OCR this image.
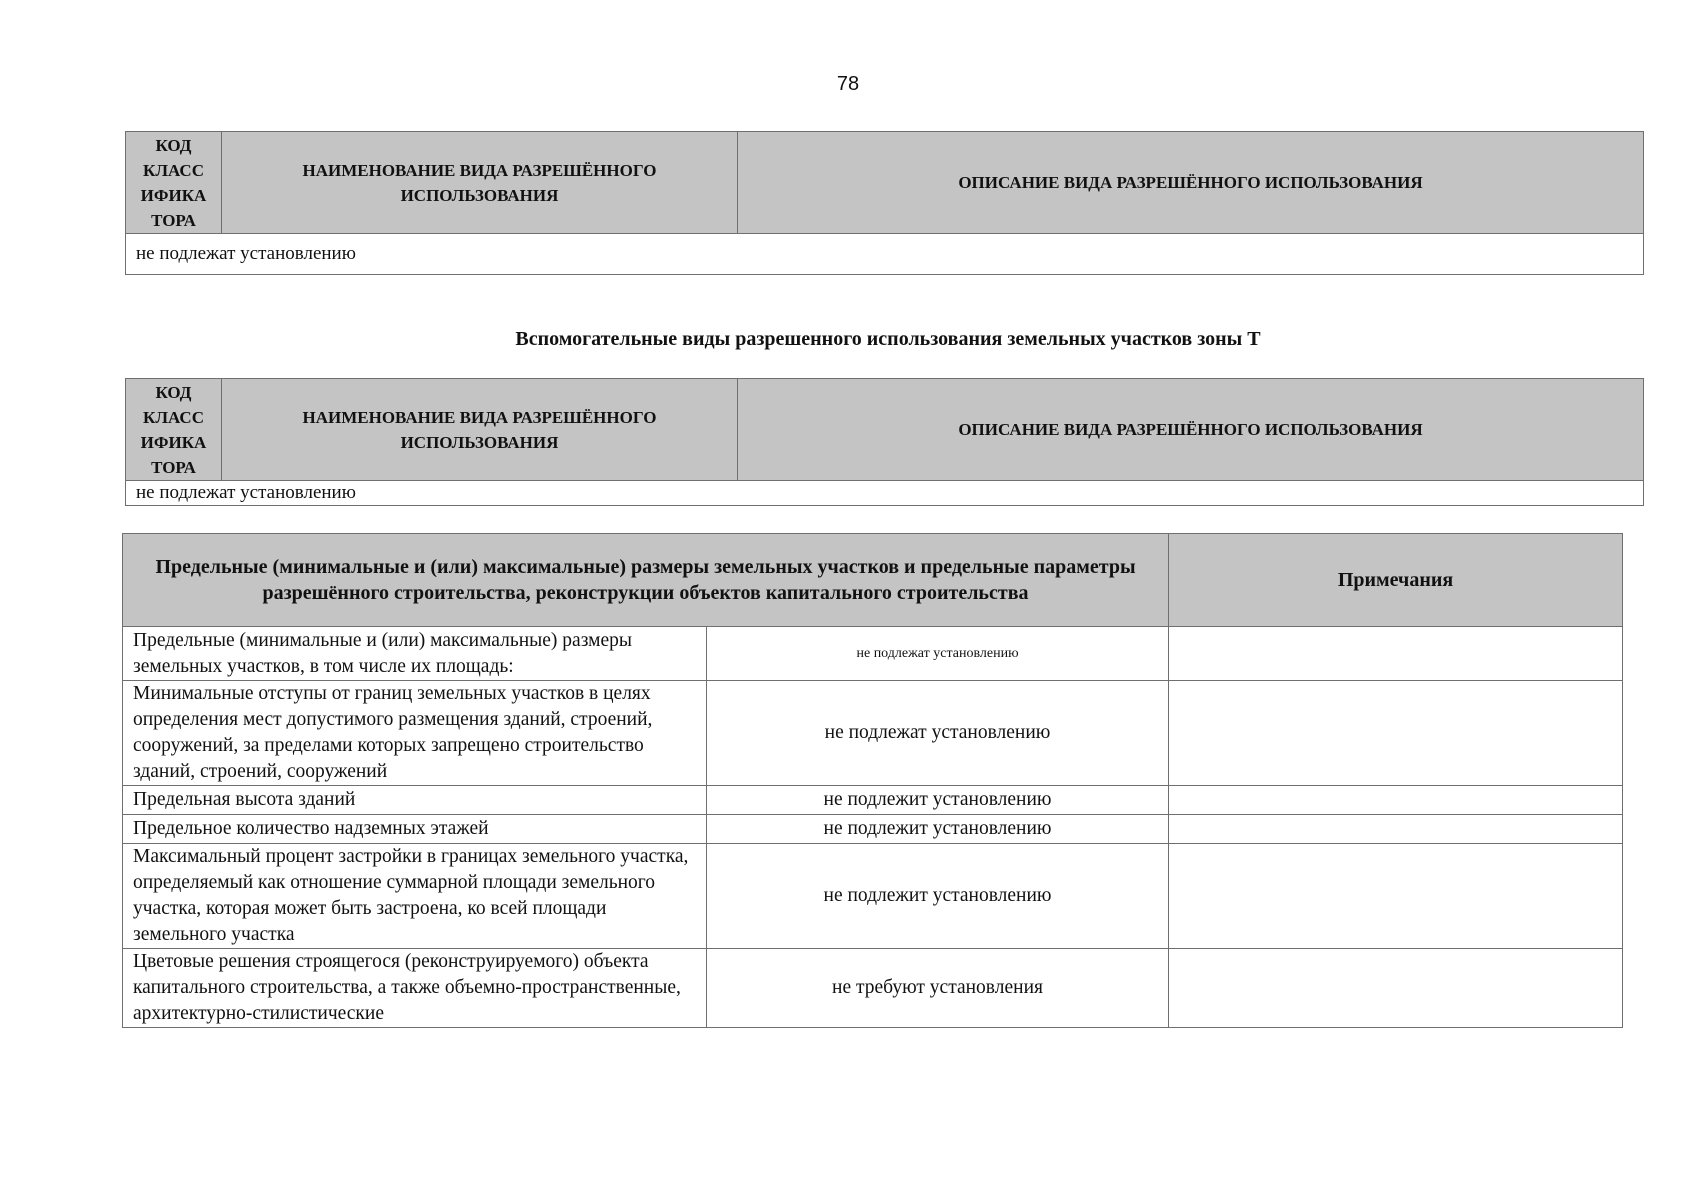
78
КОД КЛАСС ИФИКА ТОРА	НАИМЕНОВАНИЕ ВИДА РАЗРЕШЁННОГО ИСПОЛЬЗОВАНИЯ	ОПИСАНИЕ ВИДА РАЗРЕШЁННОГО ИСПОЛЬЗОВАНИЯ
не подлежат установлению
Вспомогательные виды разрешенного использования земельных участков зоны Т
КОД КЛАСС ИФИКА ТОРА	НАИМЕНОВАНИЕ ВИДА РАЗРЕШЁННОГО ИСПОЛЬЗОВАНИЯ	ОПИСАНИЕ ВИДА РАЗРЕШЁННОГО ИСПОЛЬЗОВАНИЯ
не подлежат установлению
Предельные (минимальные и (или) максимальные) размеры земельных участков и предельные параметры разрешённого строительства, реконструкции объектов капитального строительства		Примечания
Предельные (минимальные и (или) максимальные) размеры земельных участков, в том числе их площадь:	не подлежат установлению	
Минимальные отступы от границ земельных участков в целях определения мест допустимого размещения зданий, строений, сооружений, за пределами которых запрещено строительство зданий, строений, сооружений	не подлежат установлению	
Предельная высота зданий	не подлежит установлению	
Предельное количество надземных этажей	не подлежит установлению	
Максимальный процент застройки в границах земельного участка, определяемый как отношение суммарной площади земельного участка, которая может быть застроена, ко всей площади земельного участка	не подлежит установлению	
Цветовые решения строящегося (реконструируемого) объекта капитального строительства, а также объемно-пространственные, архитектурно-стилистические	не требуют установления	
